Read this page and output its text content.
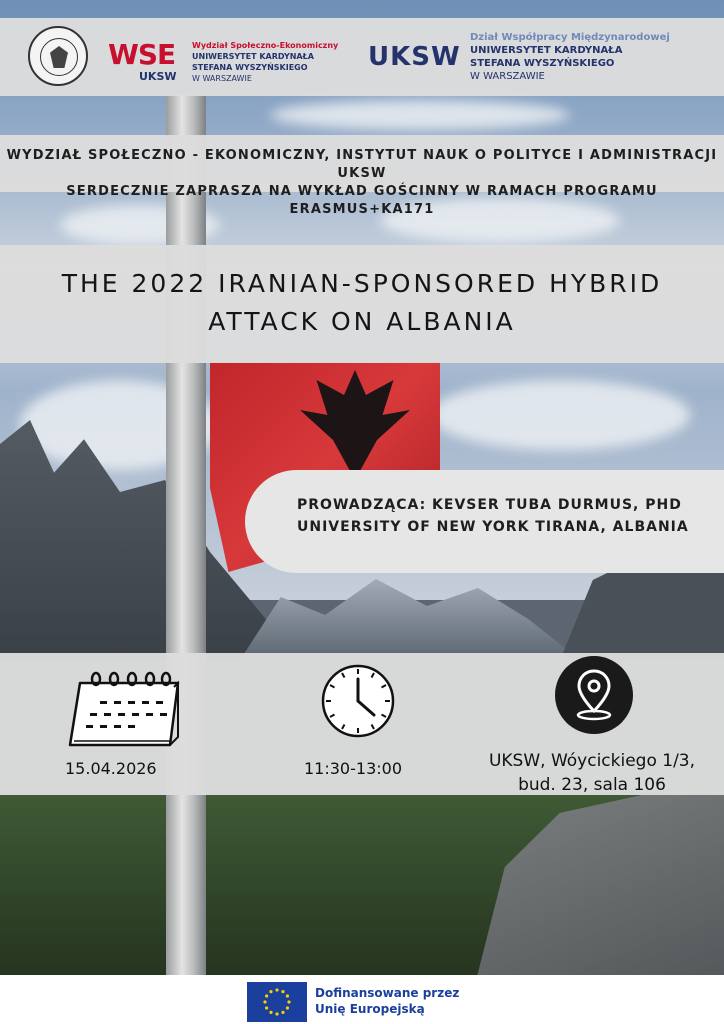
WSE
UKSW
Wydział Społeczno-Ekonomiczny
UNIWERSYTET KARDYNAŁA
STEFANA WYSZYŃSKIEGO
W WARSZAWIE
UKSW
Dział Współpracy Międzynarodowej
UNIWERSYTET KARDYNAŁA
STEFANA WYSZYŃSKIEGO
W WARSZAWIE
WYDZIAŁ SPOŁECZNO - EKONOMICZNY, INSTYTUT NAUK O POLITYCE I ADMINISTRACJI UKSW
SERDECZNIE ZAPRASZA NA WYKŁAD GOŚCINNY W RAMACH PROGRAMU ERASMUS+KA171
THE 2022 IRANIAN-SPONSORED HYBRID
ATTACK ON ALBANIA
PROWADZĄCA: KEVSER TUBA DURMUS, PHD
UNIVERSITY OF NEW YORK TIRANA, ALBANIA
15.04.2026	11:30-13:00	UKSW, Wóycickiego 1/3,
bud. 23, sala 106
Dofinansowane przez
Unię Europejską
